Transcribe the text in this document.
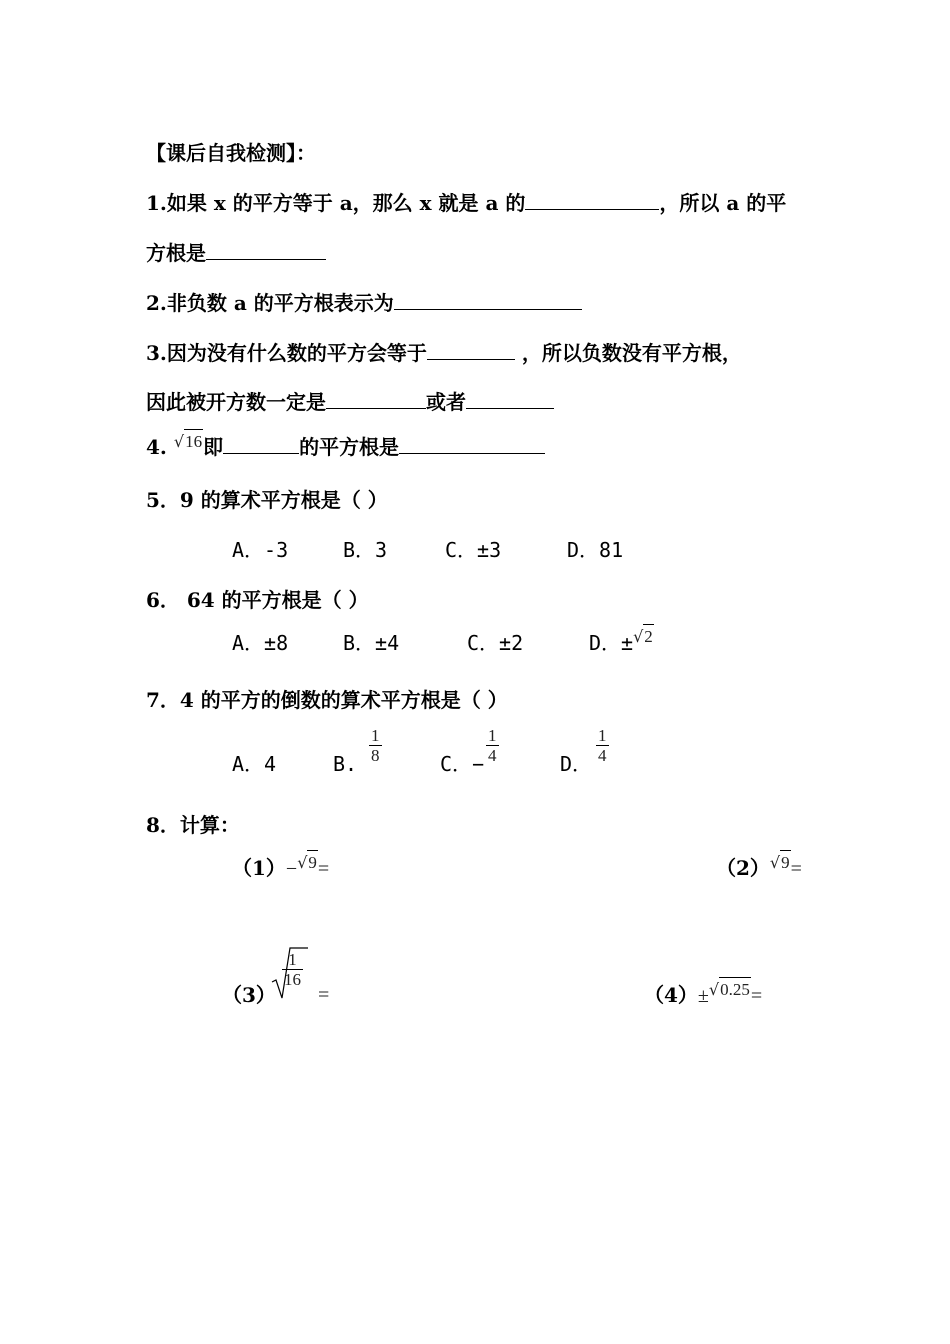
【课后自我检测】：
1.如果 x 的平方等于 a，那么 x 就是 a 的	，所以 a 的平
方根是
2.非负数 a 的平方根表示为
3.因为没有什么数的平方会等于	，所以负数没有平方根，
因此被开方数一定是	或者
4. $^{√16}$即	的平方根是
5．9 的算术平方根是（ ）
A．-3	B．3	C．±3	D．81
6． 64 的平方根是（ ）
A．±8	B．±4	C．±2	D．±$^{√2}$
7．4 的平方的倒数的算术平方根是（ ）
A．4	B. $\frac{1}{8}$	C．− $\frac{1}{4}$	D． $\frac{1}{4}$
8．计算：
（1）−$^{√9}$=	$(2)^{√9}=$
（3）
$\frac{1}{16}$
=	（4）±$^{√0.25}$=
